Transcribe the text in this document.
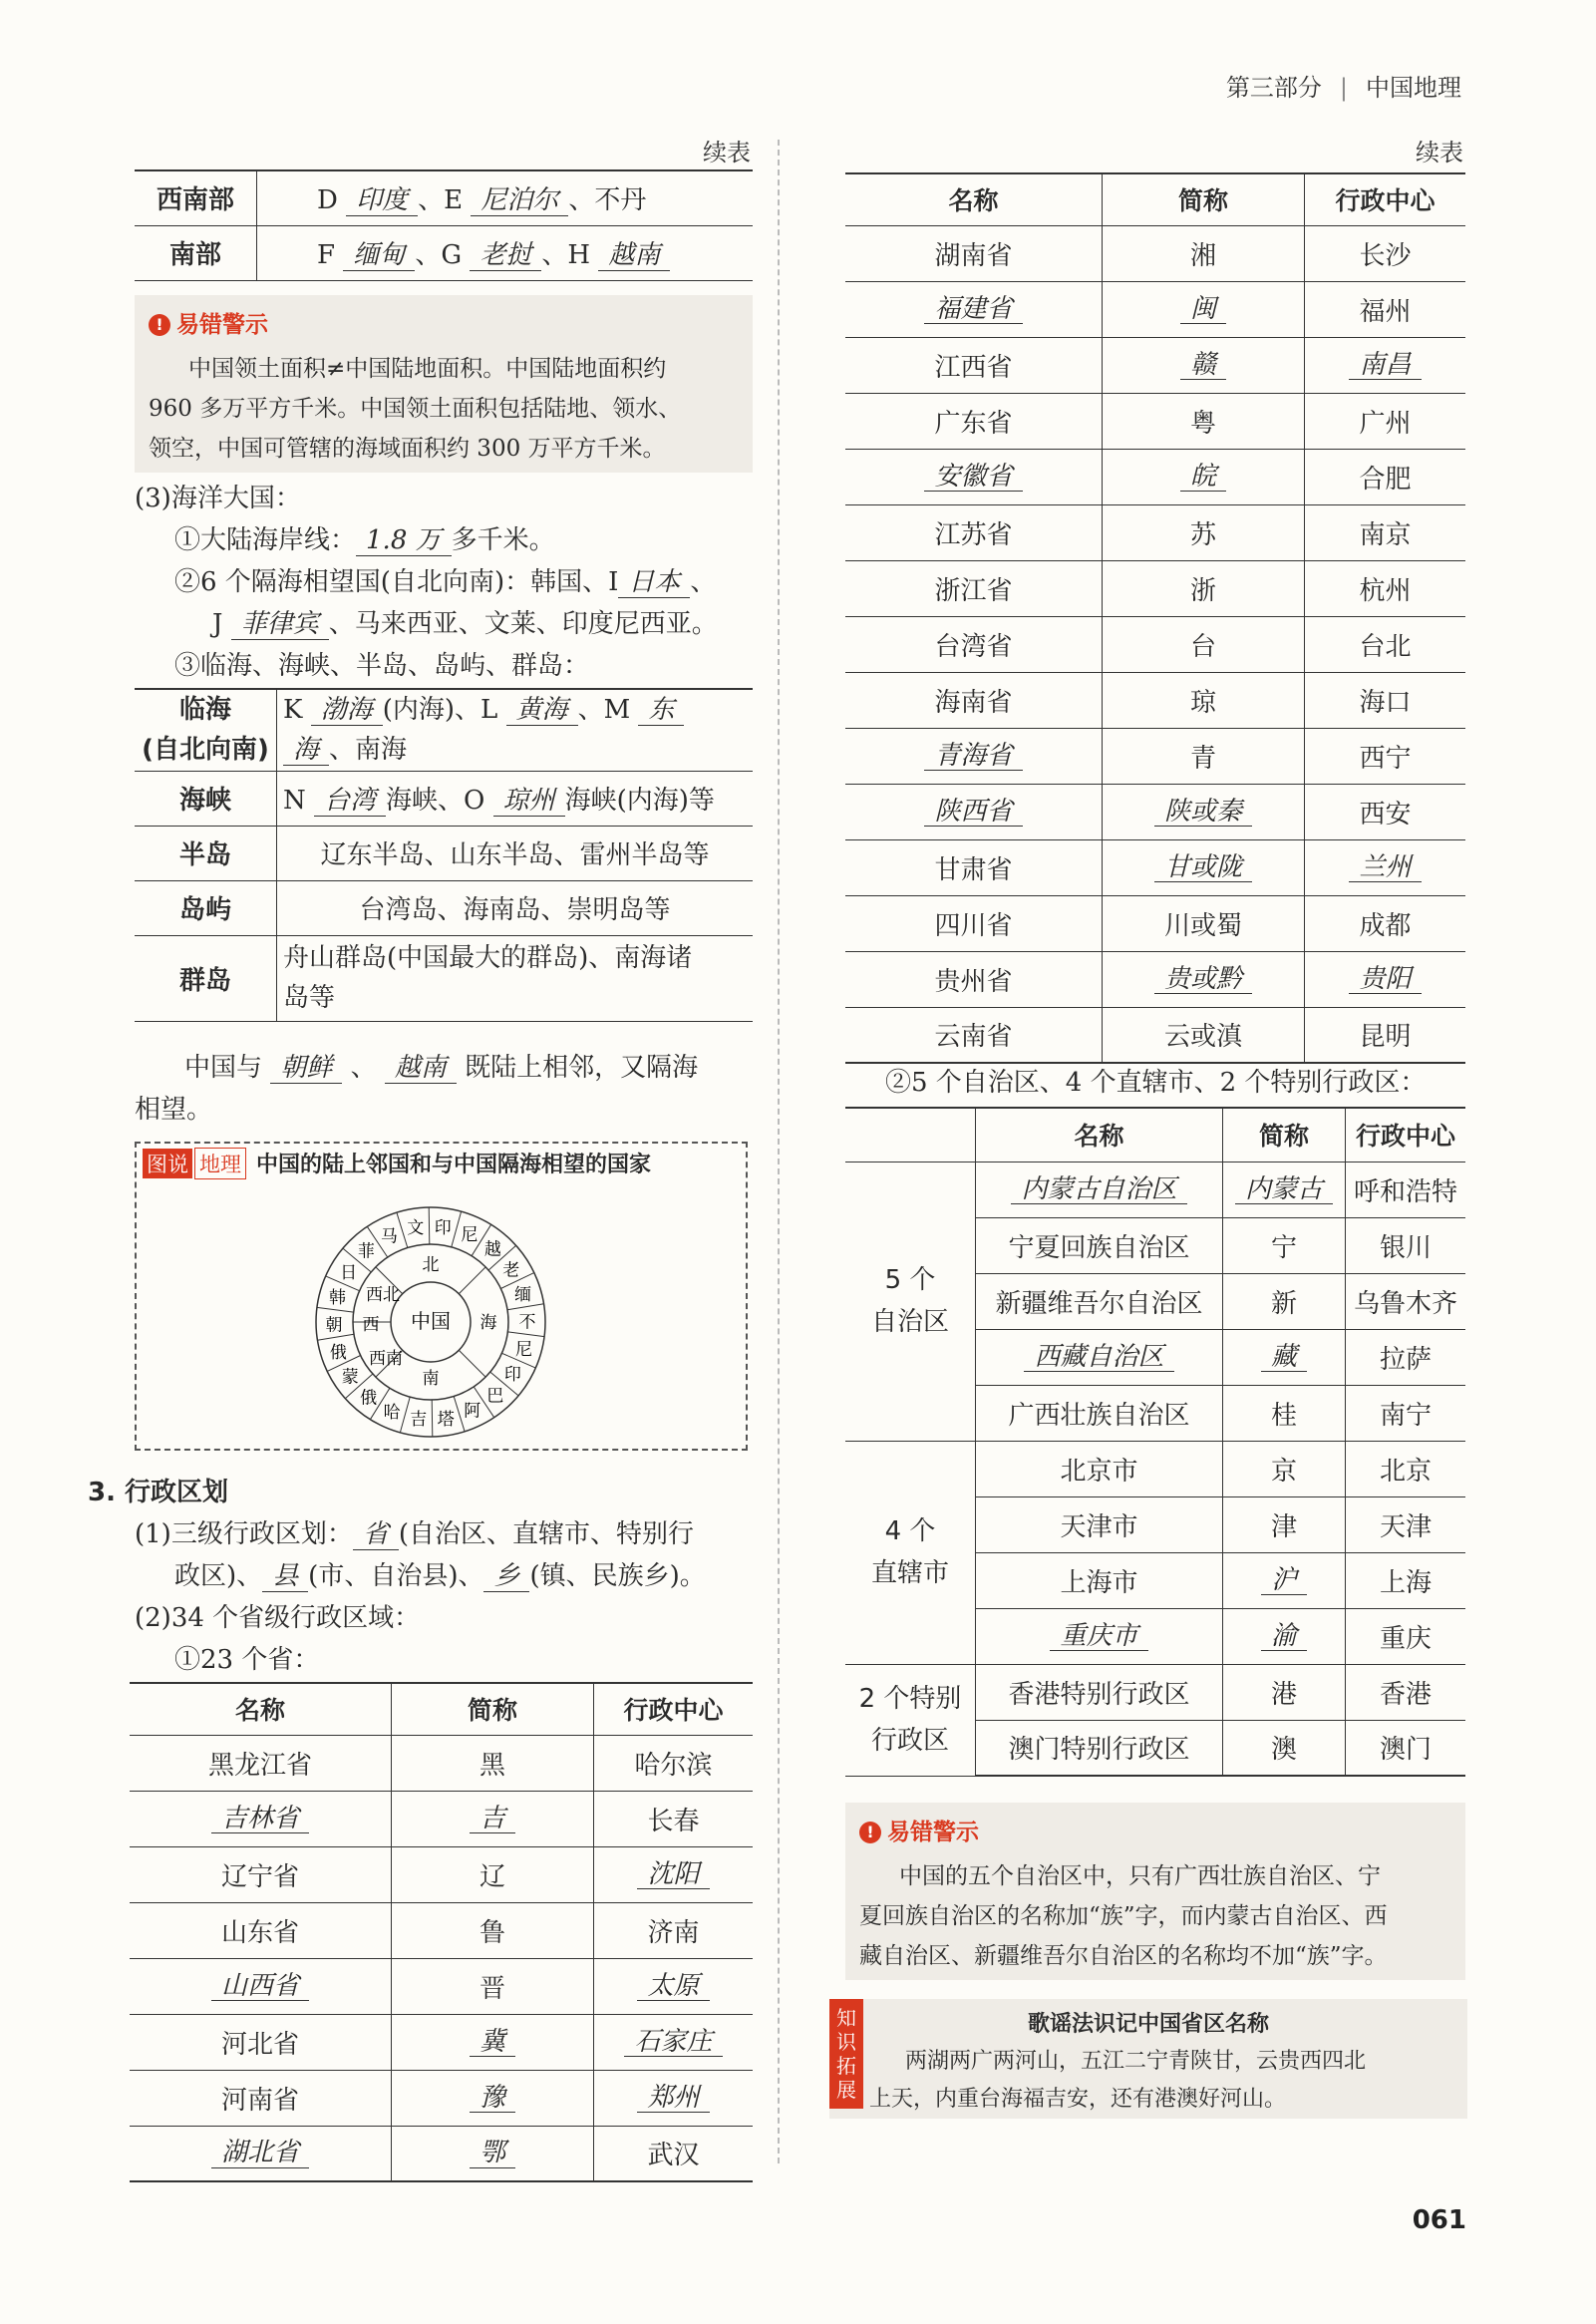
第三部分 | 中国地理
续表
西南部	D 印度 、E 尼泊尔 、不丹
南部	F 缅甸 、G 老挝 、H 越南
! 易错警示
中国领土面积≠中国陆地面积。中国陆地面积约
960 多万平方千米。中国领土面积包括陆地、领水、
领空，中国可管辖的海域面积约 300 万平方千米。
(3)海洋大国：
①大陆海岸线： 1.8 万 多千米。
②6 个隔海相望国(自北向南)：韩国、I 日本 、
J 菲律宾 、马来西亚、文莱、印度尼西亚。
③临海、海峡、半岛、岛屿、群岛：
临海
(自北向南)	K 渤海 (内海)、L 黄海 、M 东
海 、南海
海峡	N 台湾 海峡、O 琼州 海峡(内海)等
半岛	辽东半岛、山东半岛、雷州半岛等
岛屿	台湾岛、海南岛、崇明岛等
群岛	舟山群岛(中国最大的群岛)、南海诸
岛等
中国与 朝鲜 、 越南 既陆上相邻，又隔海
相望。
图说 地理 中国的陆上邻国和与中国隔海相望的国家
中国
北
西北
西
西南
南
海
俄
蒙
俄
朝
韩
日
菲
马 文 印 尼
越
老
缅
不
尼
印
巴
阿
塔
吉
哈
3. 行政区划
(1)三级行政区划： 省 (自治区、直辖市、特别行
政区)、 县 (市、自治县)、 乡 (镇、民族乡)。
(2)34 个省级行政区域：
①23 个省：
名称	简称	行政中心
黑龙江省	黑	哈尔滨
吉林省	吉	长春
辽宁省	辽	沈阳
山东省	鲁	济南
山西省	晋	太原
河北省	冀	石家庄
河南省	豫	郑州
湖北省	鄂	武汉
续表
名称	简称	行政中心
湖南省	湘	长沙
福建省	闽	福州
江西省	赣	南昌
广东省	粤	广州
安徽省	皖	合肥
江苏省	苏	南京
浙江省	浙	杭州
台湾省	台	台北
海南省	琼	海口
青海省	青	西宁
陕西省	陕或秦	西安
甘肃省	甘或陇	兰州
四川省	川或蜀	成都
贵州省	贵或黔	贵阳
云南省	云或滇	昆明
②5 个自治区、4 个直辖市、2 个特别行政区：
	名称	简称	行政中心

5 个
自治区	内蒙古自治区	内蒙古	呼和浩特
	宁夏回族自治区	宁	银川
	新疆维吾尔自治区	新	乌鲁木齐
	西藏自治区	藏	拉萨
	广西壮族自治区	桂	南宁

4 个
直辖市	北京市	京	北京
	天津市	津	天津
	上海市	沪	上海
	重庆市	渝	重庆

2 个特别
行政区	香港特别行政区	港	香港
	澳门特别行政区	澳	澳门
! 易错警示
中国的五个自治区中，只有广西壮族自治区、宁
夏回族自治区的名称加“族”字，而内蒙古自治区、西
藏自治区、新疆维吾尔自治区的名称均不加“族”字。
知
识
拓
展
歌谣法识记中国省区名称
两湖两广两河山，五江二宁青陕甘，云贵西四北
上天，内重台海福吉安，还有港澳好河山。
061
